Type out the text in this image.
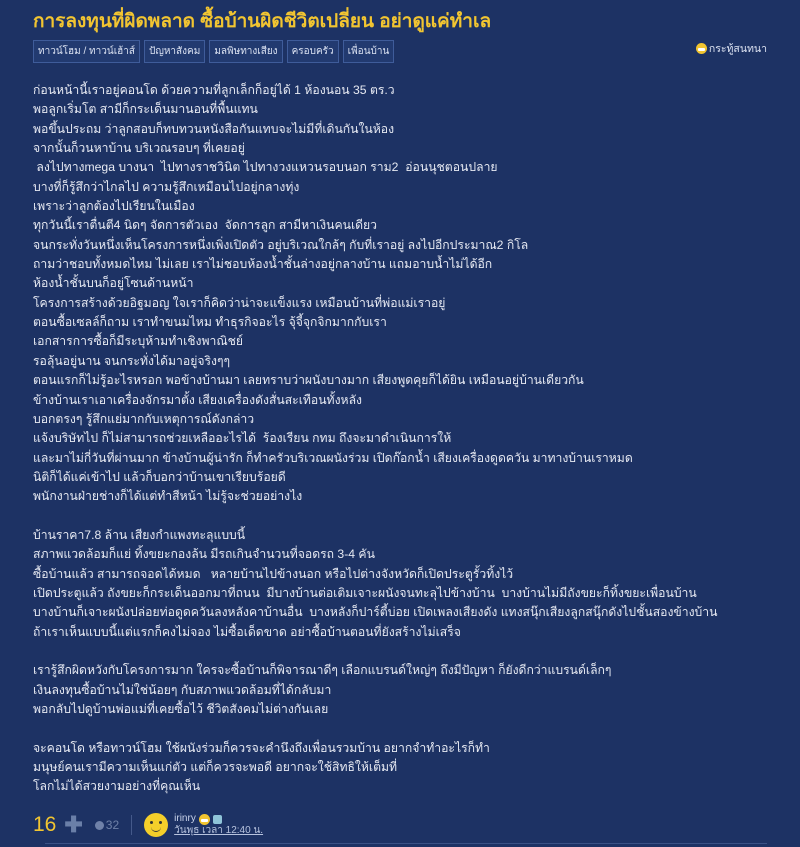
การลงทุนที่ผิดพลาด ซื้อบ้านผิดชีวิตเปลี่ยน อย่าดูแค่ทำเล
ทาวน์โฮม / ทาวน์เฮ้าส์	ปัญหาสังคม	มลพิษทางเสียง	ครอบครัว	เพื่อนบ้าน	กระทู้สนทนา
ก่อนหน้านี้เราอยู่คอนโด ด้วยความที่ลูกเล็กก็อยู่ได้ 1 ห้องนอน 35 ตร.ว
พอลูกเริ่มโต สามีก็กระเด็นมานอนที่พื้นแทน
พอขึ้นประถม ว่าลูกสอบก็ทบทวนหนังสือกันแทบจะไม่มีที่เดินกันในห้อง
จากนั้นก็วนหาบ้าน บริเวณรอบๆ ที่เคยอยู่
ลงไปทางmega บางนา  ไปทางราชวินิต ไปทางวงแหวนรอบนอก ราม2  อ่อนนุชตอนปลาย
บางที่ก็รู้สึกว่าไกลไป ความรู้สึกเหมือนไปอยู่กลางทุ่ง
เพราะว่าลูกต้องไปเรียนในเมือง
ทุกวันนี้เราตื่นตี4 นิดๆ จัดการตัวเอง  จัดการลูก สามีหาเงินคนเดียว
จนกระทั่งวันหนึ่งเห็นโครงการหนึ่งเพิ่งเปิดตัว อยู่บริเวณใกล้ๆ กับที่เราอยู่ ลงไปอีกประมาณ2 กิโล
ถามว่าชอบทั้งหมดไหม ไม่เลย เราไม่ชอบห้องน้ำชั้นล่างอยู่กลางบ้าน แถมอาบน้ำไม่ได้อีก
ห้องน้ำชั้นบนก็อยู่โซนด้านหน้า
โครงการสร้างด้วยอิฐมอญ ใจเราก็คิดว่าน่าจะแข็งแรง เหมือนบ้านที่พ่อแม่เราอยู่
ตอนซื้อเซลล์ก็ถาม เราทำขนมไหม ทำธุรกิจอะไร จุ้จี้จุกจิกมากกับเรา
เอกสารการซื้อก็มีระบุห้ามทำเชิงพาณิชย์
รอลุ้นอยู่นาน จนกระทั่งได้มาอยู่จริงๆๆ
ตอนแรกก็ไม่รู้อะไรหรอก พอข้างบ้านมา เลยทราบว่าผนังบางมาก เสียงพูดคุยก็ได้ยิน เหมือนอยู่บ้านเดียวกัน
ข้างบ้านเราเอาเครื่องจักรมาตั้ง เสียงเครื่องดังสั่นสะเทือนทั้งหลัง
บอกตรงๆ รู้สึกแย่มากกับเหตุการณ์ดังกล่าว
แจ้งบริษัทไป ก็ไม่สามารถช่วยเหลืออะไรได้  ร้องเรียน กทม ถึงจะมาดำเนินการให้
และมาไม่กี่วันที่ผ่านมาก ข้างบ้านผู้น่ารัก ก็ทำครัวบริเวณผนังร่วม เปิดก๊อกน้ำ เสียงเครื่องดูดควัน มาทางบ้านเราหมด
นิติก็ได้แค่เข้าไป แล้วก็บอกว่าบ้านเขาเรียบร้อยดี
พนักงานฝ่ายช่างก็ได้แต่ทำสีหน้า ไม่รู้จะช่วยอย่างไง
บ้านราคา7.8 ล้าน เสียงกำแพงทะลุแบบนี้
สภาพแวดล้อมก็แย่ ทิ้งขยะกองล้น มีรถเกินจำนวนที่จอดรถ 3-4 คัน
ซื้อบ้านแล้ว สามารถจอดได้หมด   หลายบ้านไปข้างนอก หรือไปต่างจังหวัดก็เปิดประตูรั้วทิ้งไว้
เปิดประตูแล้ว ถังขยะก็กระเด็นออกมาที่ถนน  มีบางบ้านต่อเติมเจาะผนังจนทะลุไปข้างบ้าน  บางบ้านไม่มีถังขยะก็ทิ้งขยะเพื่อนบ้าน
บางบ้านก็เจาะผนังปล่อยท่อดูดควันลงหลังคาบ้านอื่น  บางหลังก็ปาร์ตี้บ่อย เปิดเพลงเสียงดัง แทงสนุ๊กเสียงลูกสนุ๊กดังไปชั้นสองข้างบ้าน
ถ้าเราเห็นแบบนี้แต่แรกก็คงไม่จอง ไม่ซื้อเด็ดขาด อย่าซื้อบ้านตอนที่ยังสร้างไม่เสร็จ
เรารู้สึกผิดหวังกับโครงการมาก ใครจะซื้อบ้านก็พิจารณาดีๆ เลือกแบรนด์ใหญ่ๆ ถึงมีปัญหา ก็ยังดีกว่าแบรนด์เล็กๆ
เงินลงทุนซื้อบ้านไม่ใช่น้อยๆ กับสภาพแวดล้อมที่ได้กลับมา
พอกลับไปดูบ้านพ่อแม่ที่เคยซื้อไว้ ชีวิตสังคมไม่ต่างกันเลย
จะคอนโด หรือทาวน์โฮม ใช้ผนังร่วมก็ควรจะคำนึงถึงเพื่อนรวมบ้าน อยากจำทำอะไรก็ทำ
มนุษย์คนเรามีความเห็นแก่ตัว แต่ก็ควรจะพอดี อยากจะใช้สิทธิให้เต็มที่
โลกไม่ได้สวยงามอย่างที่คุณเห็น
16 ✚ 32	irinry
วันพุธ เวลา 12:40 น.
